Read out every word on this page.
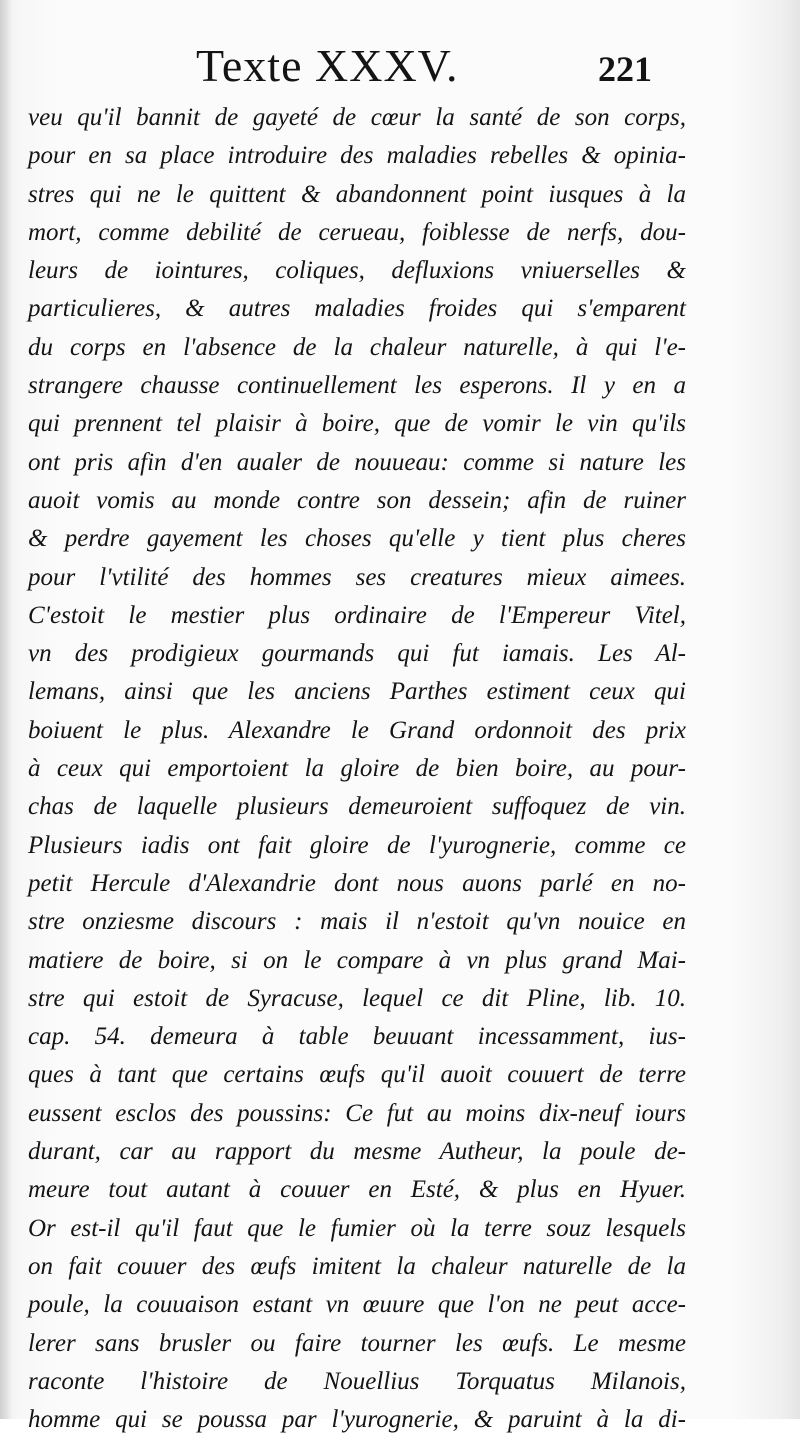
Texte XXXV.	221
veu qu'il bannit de gayeté de cœur la santé de son corps,
pour en sa place introduire des maladies rebelles & opinia-
stres qui ne le quittent & abandonnent point iusques à la
mort, comme debilité de cerueau, foiblesse de nerfs, dou-
leurs de iointures, coliques, defluxions vniuerselles &
particulieres, & autres maladies froides qui s'emparent
du corps en l'absence de la chaleur naturelle, à qui l'e-
strangere chausse continuellement les esperons. Il y en a
qui prennent tel plaisir à boire, que de vomir le vin qu'ils
ont pris afin d'en aualer de nouueau: comme si nature les
auoit vomis au monde contre son dessein; afin de ruiner
& perdre gayement les choses qu'elle y tient plus cheres
pour l'vtilité des hommes ses creatures mieux aimees.
C'estoit le mestier plus ordinaire de l'Empereur Vitel,
vn des prodigieux gourmands qui fut iamais. Les Al-
lemans, ainsi que les anciens Parthes estiment ceux qui
boiuent le plus. Alexandre le Grand ordonnoit des prix
à ceux qui emportoient la gloire de bien boire, au pour-
chas de laquelle plusieurs demeuroient suffoquez de vin.
Plusieurs iadis ont fait gloire de l'yurognerie, comme ce
petit Hercule d'Alexandrie dont nous auons parlé en no-
stre onziesme discours : mais il n'estoit qu'vn nouice en
matiere de boire, si on le compare à vn plus grand Mai-
stre qui estoit de Syracuse, lequel ce dit Pline, lib. 10.
cap. 54. demeura à table beuuant incessamment, ius-
ques à tant que certains œufs qu'il auoit couuert de terre
eussent esclos des poussins: Ce fut au moins dix-neuf iours
durant, car au rapport du mesme Autheur, la poule de-
meure tout autant à couuer en Esté, & plus en Hyuer.
Or est-il qu'il faut que le fumier où la terre souz lesquels
on fait couuer des œufs imitent la chaleur naturelle de la
poule, la couuaison estant vn œuure que l'on ne peut acce-
lerer sans brusler ou faire tourner les œufs. Le mesme
raconte l'histoire de Nouellius Torquatus Milanois,
homme qui se poussa par l'yurognerie, & paruint à la di-
